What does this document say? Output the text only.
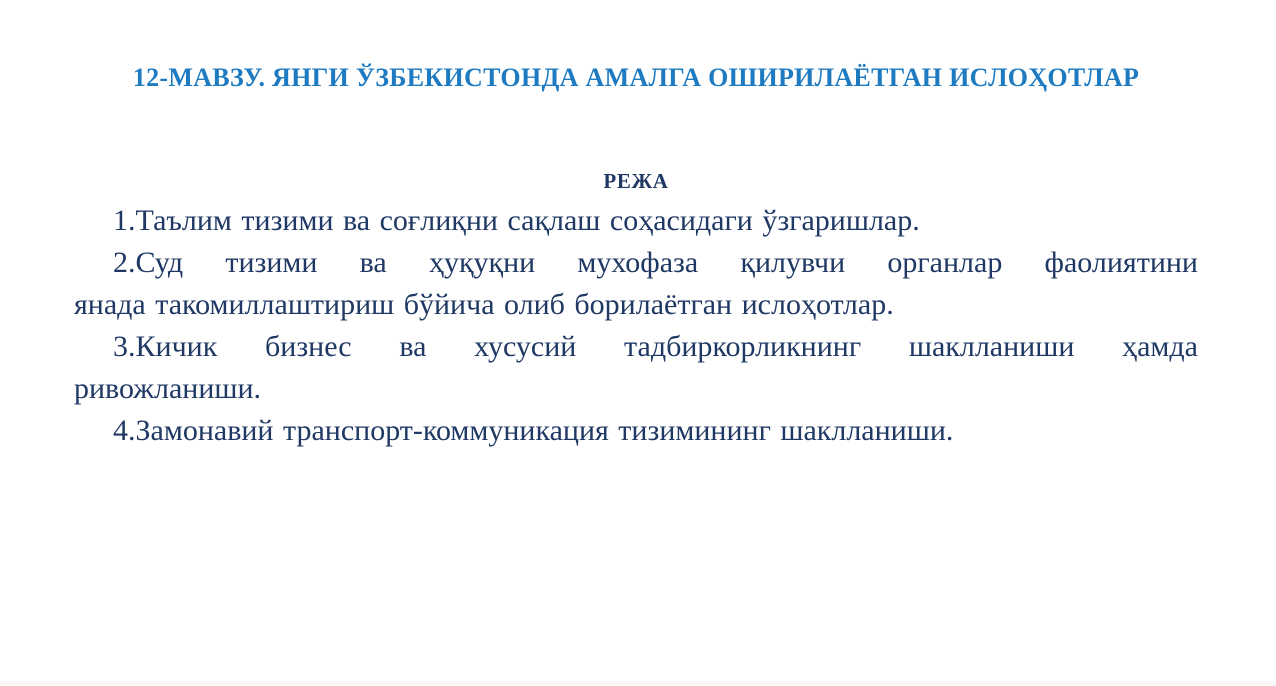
12-МАВЗУ. ЯНГИ ЎЗБЕКИСТОНДА АМАЛГА ОШИРИЛАЁТГАН ИСЛОҲОТЛАР
РЕЖА

1.Таълим тизими ва соғлиқни сақлаш соҳасидаги ўзгаришлар.

2.Суд тизими ва ҳуқуқни мухофаза қилувчи органлар фаолиятини

янада такомиллаштириш бўйича олиб борилаётган ислоҳотлар.

3.Кичик бизнес ва хусусий тадбиркорликнинг шаклланиши ҳамда

ривожланиши.

4.Замонавий транспорт-коммуникация тизимининг шаклланиши.
